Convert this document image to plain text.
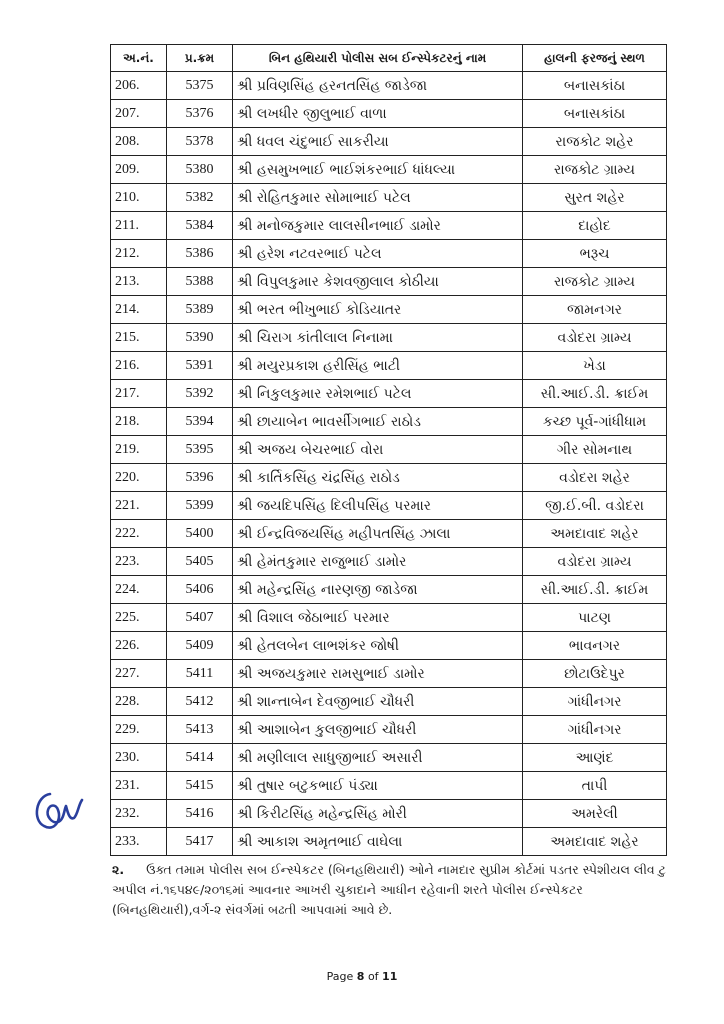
અ.નં.	પ્ર.ક્રમ	બિન હથિયારી પોલીસ સબ ઈન્સ્પેકટરનું નામ	હાલની ફરજનું સ્થળ
206.	5375	શ્રી પ્રવિણસિંહ હરનતસિંહ જાડેજા	બનાસકાંઠા
207.	5376	શ્રી લખધીર જીલુભાઈ વાળા	બનાસકાંઠા
208.	5378	શ્રી ધવલ ચંદુભાઈ સાકરીયા	રાજકોટ શહેર
209.	5380	શ્રી હસમુખભાઈ ભાઈશંકરભાઈ ધાંધલ્યા	રાજકોટ ગ્રામ્ય
210.	5382	શ્રી રોહિતકુમાર સોમાભાઈ પટેલ	સુરત શહેર
211.	5384	શ્રી મનોજકુમાર લાલસીનભાઈ ડામોર	દાહોદ
212.	5386	શ્રી હરેશ નટવરભાઈ પટેલ	ભરૂચ
213.	5388	શ્રી વિપુલકુમાર કેશવજીલાલ કોઠીયા	રાજકોટ ગ્રામ્ય
214.	5389	શ્રી ભરત ભીખુભાઈ કોડિયાતર	જામનગર
215.	5390	શ્રી ચિરાગ કાંતીલાલ નિનામા	વડોદરા ગ્રામ્ય
216.	5391	શ્રી મયુરપ્રકાશ હરીસિંહ ભાટી	ખેડા
217.	5392	શ્રી નિકુલકુમાર રમેશભાઈ પટેલ	સી.આઈ.ડી. ક્રાઈમ
218.	5394	શ્રી છાયાબેન ભાવર્સીગભાઈ રાઠોડ	કચ્છ પૂર્વ-ગાંધીધામ
219.	5395	શ્રી અજય બેચરભાઈ વોરા	ગીર સોમનાથ
220.	5396	શ્રી કાર્તિકસિંહ ચંદ્રસિંહ રાઠોડ	વડોદરા શહેર
221.	5399	શ્રી જયદિપસિંહ દિલીપસિંહ પરમાર	જી.ઈ.બી. વડોદરા
222.	5400	શ્રી ઈન્દ્રવિજયસિંહ મહીપતસિંહ ઝાલા	અમદાવાદ શહેર
223.	5405	શ્રી હેમંતકુમાર રાજુભાઈ ડામોર	વડોદરા ગ્રામ્ય
224.	5406	શ્રી મહેન્દ્રસિંહ નારણજી જાડેજા	સી.આઈ.ડી. ક્રાઈમ
225.	5407	શ્રી વિશાલ જેઠાભાઈ પરમાર	પાટણ
226.	5409	શ્રી હેતલબેન લાભશંકર જોષી	ભાવનગર
227.	5411	શ્રી અજયકુમાર રામસુભાઈ ડામોર	છોટાઉદેપુર
228.	5412	શ્રી શાન્તાબેન દેવજીભાઈ ચૌધરી	ગાંધીનગર
229.	5413	શ્રી આશાબેન કુલજીભાઈ ચૌધરી	ગાંધીનગર
230.	5414	શ્રી મણીલાલ સાધુજીભાઈ અસારી	આણંદ
231.	5415	શ્રી તુષાર બટુકભાઈ પંડ્યા	તાપી
232.	5416	શ્રી કિરીટસિંહ મહેન્દ્રસિંહ મોરી	અમરેલી
233.	5417	શ્રી આકાશ અમૃતભાઈ વાઘેલા	અમદાવાદ શહેર
૨. ઉક્ત તમામ પોલીસ સબ ઈન્સ્પેકટર (બિનહથિયારી) ઓને નામદાર સુપ્રીમ કોર્ટમાં પડતર સ્પેશીયલ લીવ ટુ અપીલ નં.૧૬૫૪૯/૨૦૧૬માં આવનાર આખરી ચુકાદાને આધીન રહેવાની શરતે પોલીસ ઈન્સ્પેકટર (બિનહથિયારી),વર્ગ-૨ સંવર્ગમાં બઢતી આપવામાં આવે છે.
Page 8 of 11
